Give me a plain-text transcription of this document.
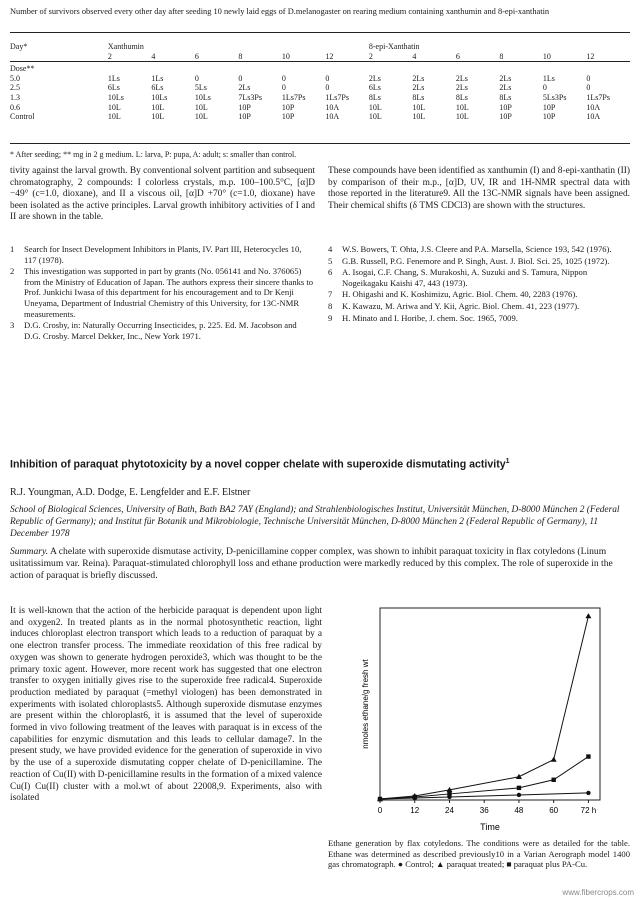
Number of survivors observed every other day after seeding 10 newly laid eggs of D.melanogaster on rearing medium containing xanthumin and 8-epi-xanthatin
Day*	Xanthumin						8-epi-Xanthatin					
	2	4	6	8	10	12	2	4	6	8	10	12

Dose**												
5.0	1Ls	1Ls	0	0	0	0	2Ls	2Ls	2Ls	2Ls	1Ls	0
2.5	6Ls	6Ls	5Ls	2Ls	0	0	6Ls	2Ls	2Ls	2Ls	0	0
1.3	10Ls	10Ls	10Ls	7Ls3Ps	1Ls7Ps	1Ls7Ps	8Ls	8Ls	8Ls	8Ls	5Ls3Ps	1Ls7Ps
0.6	10L	10L	10L	10P	10P	10A	10L	10L	10L	10P	10P	10A
Control	10L	10L	10L	10P	10P	10A	10L	10L	10L	10P	10P	10A
* After seeding; ** mg in 2 g medium. L: larva, P: pupa, A: adult; s: smaller than control.
tivity against the larval growth. By conventional solvent partition and subsequent chromatography, 2 compounds: I colorless crystals, m.p. 100–100.5°C, [α]D −49° (c=1.0, dioxane), and II a viscous oil, [α]D +70° (c=1.0, dioxane) have been isolated as the active principles. Larval growth inhibitory activities of I and II are shown in the table.
These compounds have been identified as xanthumin (I) and 8-epi-xanthatin (II) by comparison of their m.p., [α]D, UV, IR and 1H-NMR spectral data with those reported in the literature9. All the 13C-NMR signals have been assigned. Their chemical shifts (δ TMS CDCl3) are shown with the structures.
1	Search for Insect Development Inhibitors in Plants, IV. Part III, Heterocycles 10, 117 (1978).
2	This investigation was supported in part by grants (No. 056141 and No. 376065) from the Ministry of Education of Japan. The authors express their sincere thanks to Prof. Junkichi Iwasa of this department for his encouragement and to Dr Kenji Uneyama, Department of Industrial Chemistry of this University, for 13C-NMR measurements.
3	D.G. Crosby, in: Naturally Occurring Insecticides, p. 225. Ed. M. Jacobson and D.G. Crosby. Marcel Dekker, Inc., New York 1971.
4	W.S. Bowers, T. Ohta, J.S. Cleere and P.A. Marsella, Science 193, 542 (1976).
5	G.B. Russell, P.G. Fenemore and P. Singh, Aust. J. Biol. Sci. 25, 1025 (1972).
6	A. Isogai, C.F. Chang, S. Murakoshi, A. Suzuki and S. Tamura, Nippon Nogeikagaku Kaishi 47, 443 (1973).
7	H. Ohigashi and K. Koshimizu, Agric. Biol. Chem. 40, 2283 (1976).
8	K. Kawazu, M. Ariwa and Y. Kii, Agric. Biol. Chem. 41, 223 (1977).
9	H. Minato and I. Horibe, J. chem. Soc. 1965, 7009.
Inhibition of paraquat phytotoxicity by a novel copper chelate with superoxide dismutating activity$^1$
R.J. Youngman, A.D. Dodge, E. Lengfelder and E.F. Elstner
School of Biological Sciences, University of Bath, Bath BA2 7AY (England); and Strahlenbiologisches Institut, Universität München, D-8000 München 2 (Federal Republic of Germany); and Institut für Botanik und Mikrobiologie, Technische Universität München, D-8000 München 2 (Federal Republic of Germany), 11 December 1978
Summary. A chelate with superoxide dismutase activity, D-penicillamine copper complex, was shown to inhibit paraquat toxicity in flax cotyledons (Linum usitatissimum var. Reina). Paraquat-stimulated chlorophyll loss and ethane production were markedly reduced by this complex. The role of superoxide in the action of paraquat is briefly discussed.
It is well-known that the action of the herbicide paraquat is dependent upon light and oxygen2. In treated plants as in the normal photosynthetic reaction, light induces chloroplast electron transport which leads to a reduction of paraquat by a one electron transfer process. The immediate reoxidation of this free radical by oxygen was shown to generate hydrogen peroxide3, which was thought to be the primary toxic agent. However, more recent work has suggested that one electron transfer to oxygen initially gives rise to the superoxide free radical4. Superoxide production mediated by paraquat (=methyl viologen) has been demonstrated in experiments with isolated chloroplasts5. Although superoxide dismutase enzymes are present within the chloroplast6, it is assumed that the level of superoxide formed in vivo following treatment of the leaves with paraquat is in excess of the capabilities for enzymic dismutation and this leads to cellular damage7. In the present study, we have provided evidence for the generation of superoxide in vivo by the use of a superoxide dismutating copper chelate of D-penicillamine. The reaction of Cu(II) with D-penicillamine results in the formation of a mixed valence Cu(I) Cu(II) cluster with a mol.wt of about 22008,9. Experiments, also with isolated
0	12	24	36	48	60	72 h
Time
nmoles ethane/g fresh wt
Ethane generation by flax cotyledons. The conditions were as detailed for the table. Ethane was determined as described previously10 in a Varian Aerograph model 1400 gas chromatograph. ● Control; ▲ paraquat treated; ■ paraquat plus PA-Cu.
www.fibercrops.com
